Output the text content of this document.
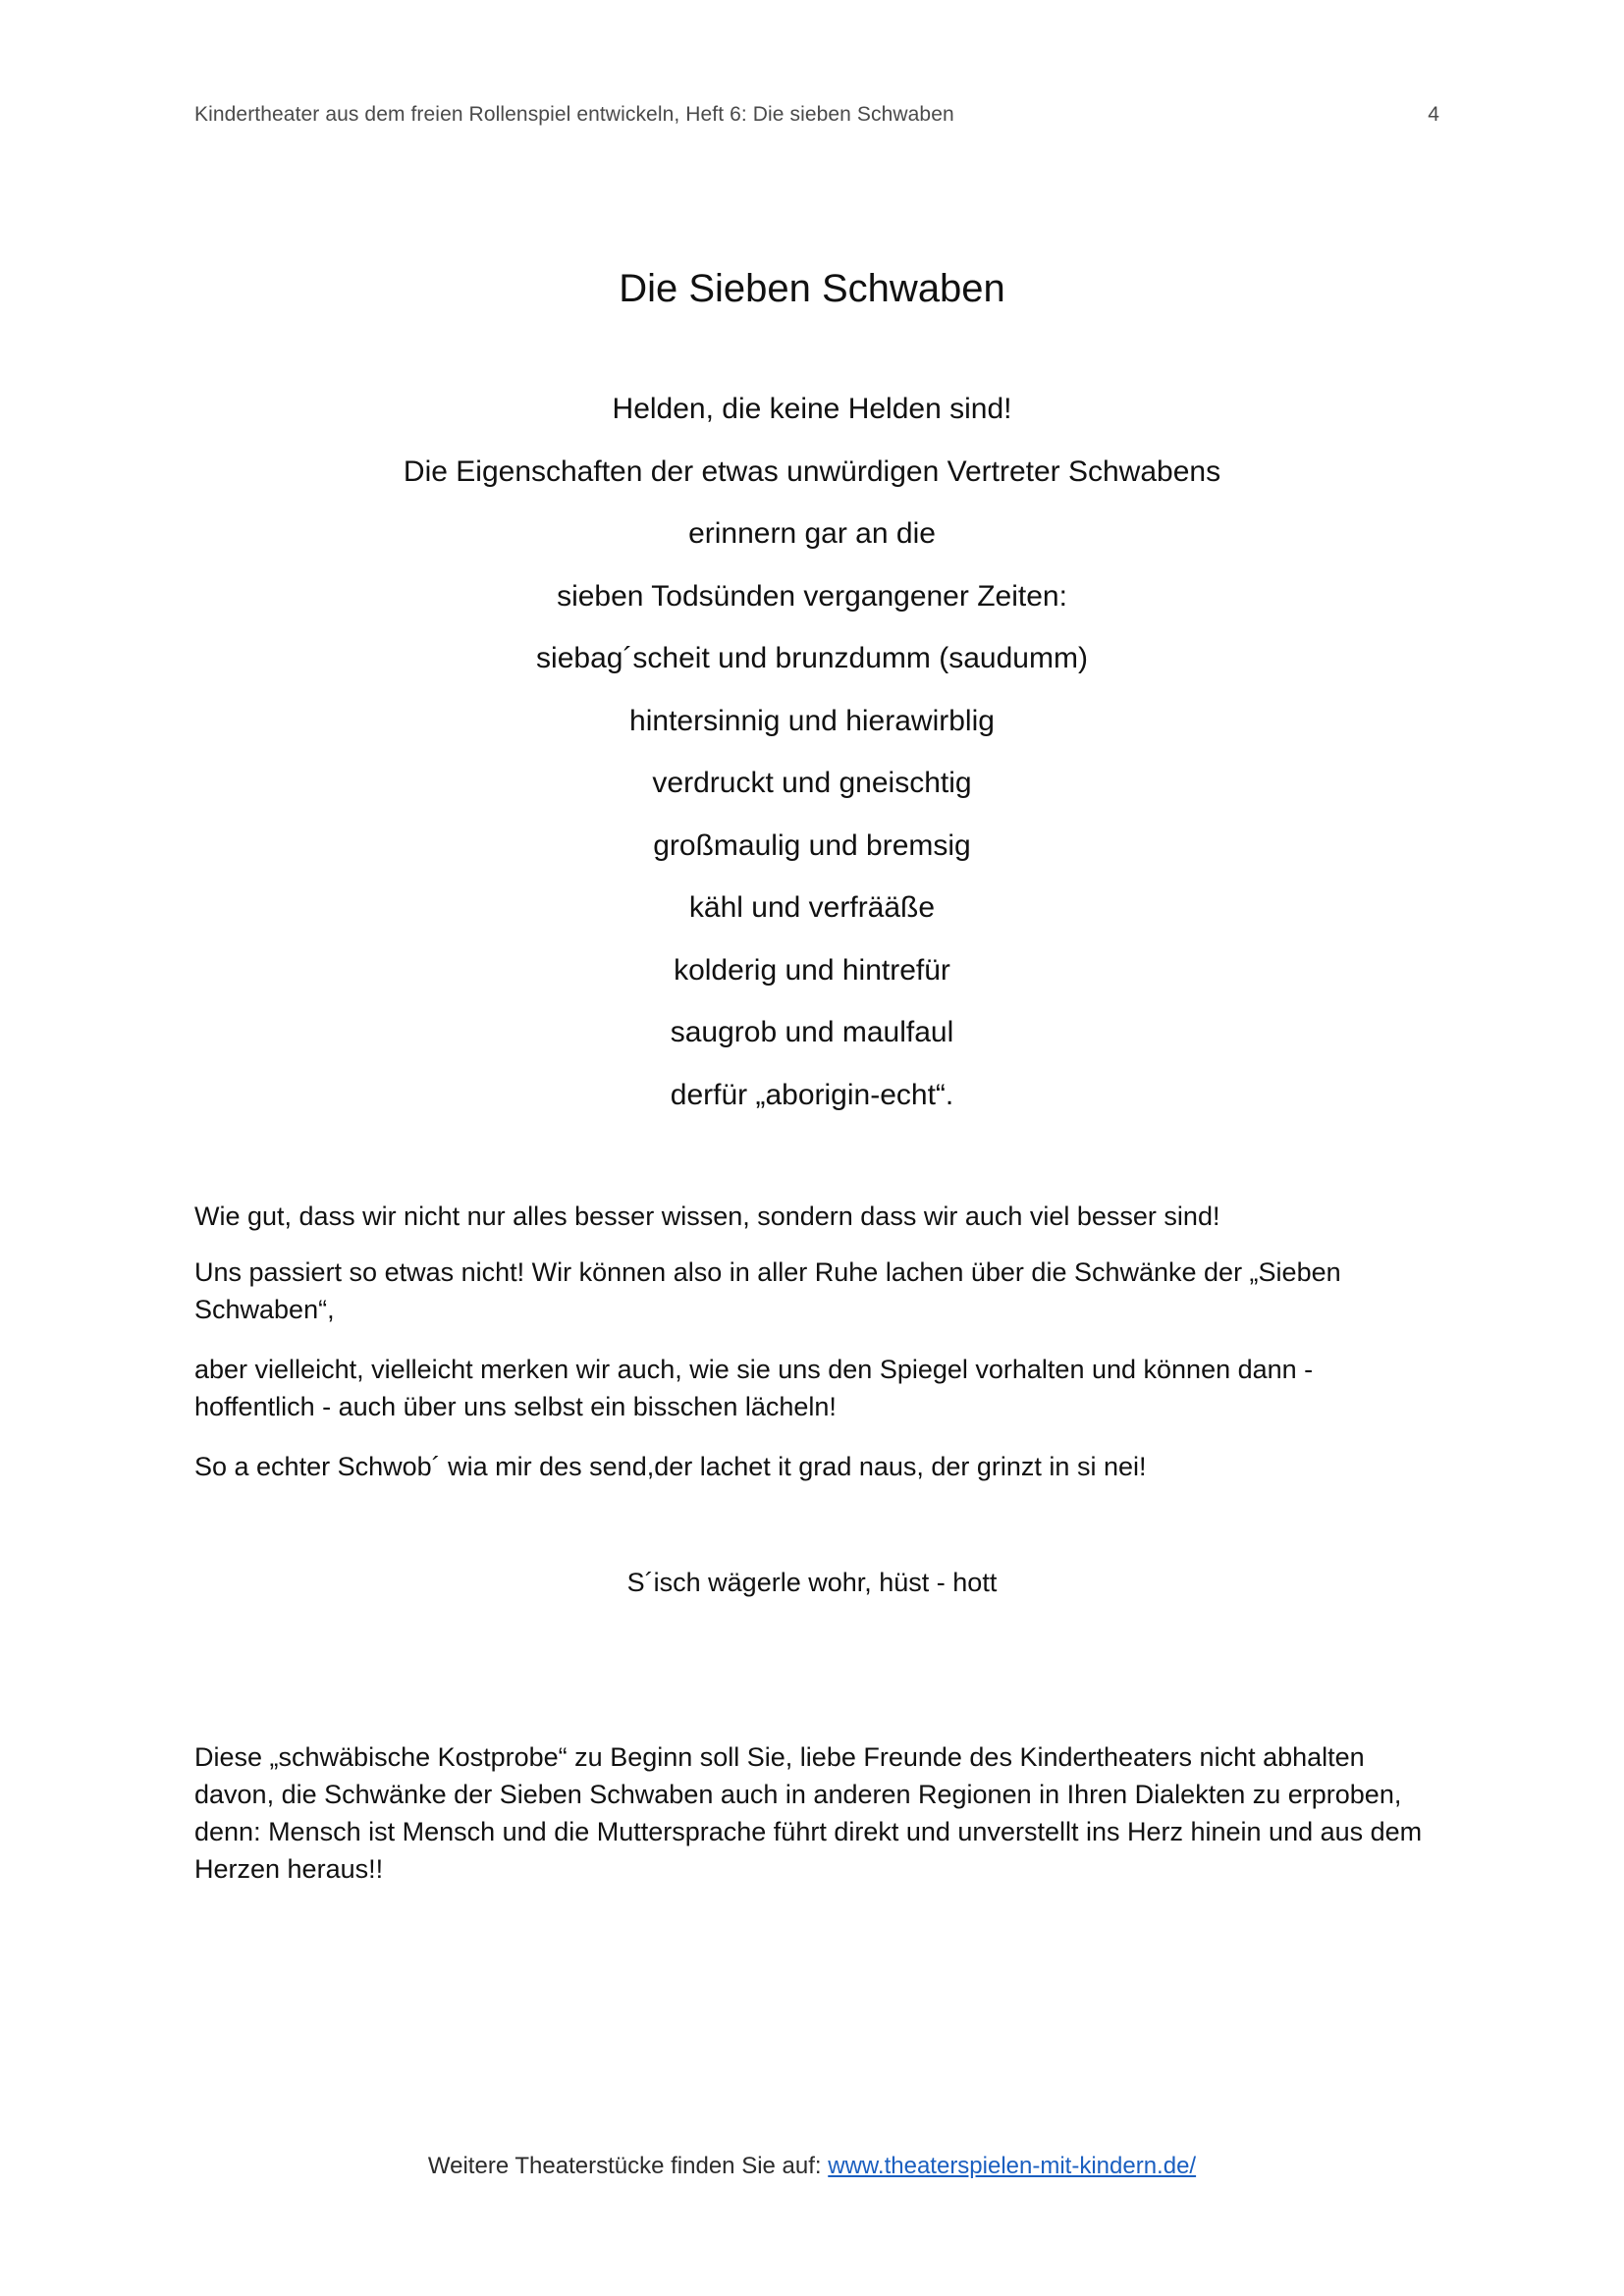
Kindertheater aus dem freien Rollenspiel entwickeln, Heft 6: Die sieben Schwaben	4
Die Sieben Schwaben
Helden, die keine Helden sind!
Die Eigenschaften der etwas unwürdigen Vertreter Schwabens
erinnern gar an die
sieben Todsünden vergangener Zeiten:
siebag´scheit und brunzdumm (saudumm)
hintersinnig und hierawirblig
verdruckt und gneischtig
großmaulig und bremsig
kähl und verfrääße
kolderig und hintrefür
saugrob und maulfaul
derfür „aborigin-echt“.

Wie gut, dass wir nicht nur alles besser wissen, sondern dass wir auch viel besser sind!

Uns passiert so etwas nicht! Wir können also in aller Ruhe lachen über die Schwänke der „Sieben Schwaben“,

aber vielleicht, vielleicht merken wir auch, wie sie uns den Spiegel vorhalten und können dann - hoffentlich - auch über uns selbst ein bisschen lächeln!

So a echter Schwob´ wia mir des send,der lachet it grad naus, der grinzt in si nei!

S´isch wägerle wohr, hüst - hott

Diese „schwäbische Kostprobe“ zu Beginn soll Sie, liebe Freunde des Kindertheaters nicht abhalten davon, die Schwänke der Sieben Schwaben auch in anderen Regionen in Ihren Dialekten zu erproben, denn: Mensch ist Mensch und die Muttersprache führt direkt und unverstellt ins Herz hinein und aus dem Herzen heraus!!

Weitere Theaterstücke finden Sie auf: www.theaterspielen-mit-kindern.de/
